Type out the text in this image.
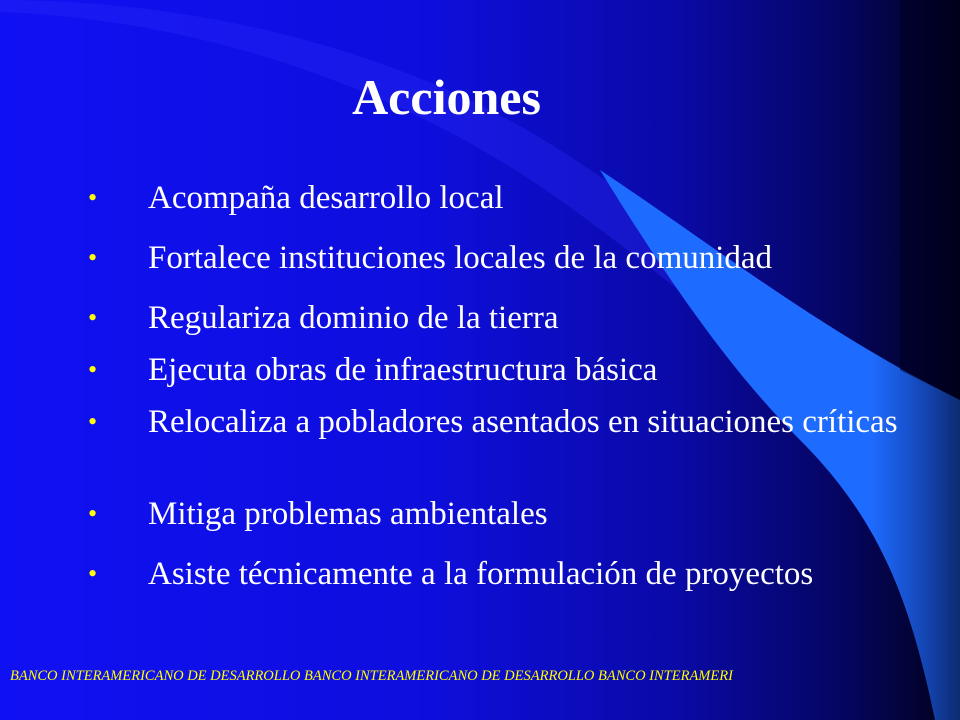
Acciones
•	Acompaña desarrollo local
•	Fortalece instituciones locales de la comunidad
•	Regulariza dominio de la tierra
•	Ejecuta obras de infraestructura básica
•	Relocaliza a pobladores asentados en situaciones críticas
•	Mitiga problemas ambientales
•	Asiste técnicamente a la formulación de proyectos
BANCO INTERAMERICANO DE DESARROLLO BANCO INTERAMERICANO DE DESARROLLO BANCO INTERAMERI
